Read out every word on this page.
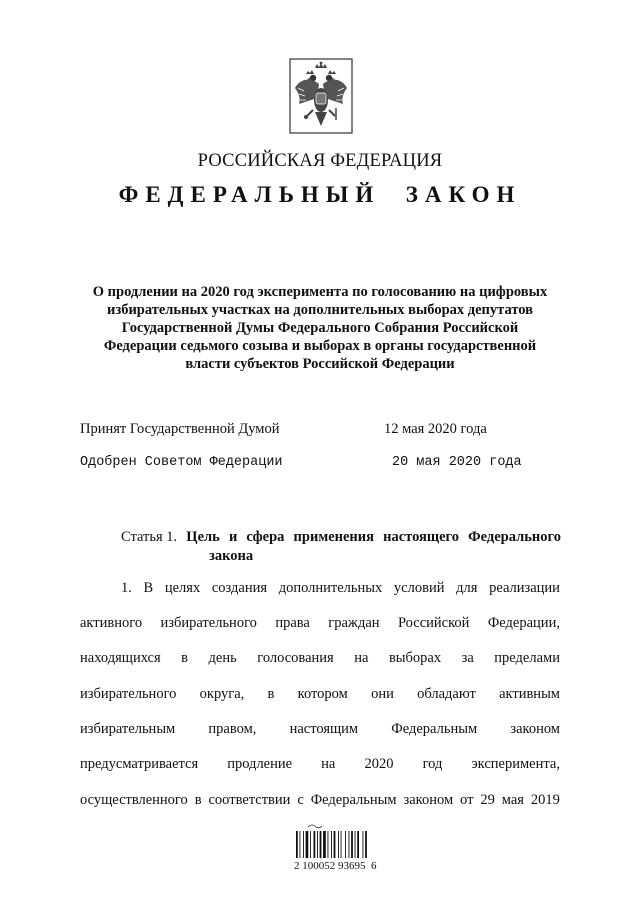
РОССИЙСКАЯ ФЕДЕРАЦИЯ
ФЕДЕРАЛЬНЫЙ  ЗАКОН
О продлении на 2020 год эксперимента по голосованию на цифровых
избирательных участках на дополнительных выборах депутатов
Государственной Думы Федерального Собрания Российской
Федерации седьмого созыва и выборах в органы государственной
власти субъектов Российской Федерации
Принят Государственной Думой	12 мая 2020 года
Одобрен Советом Федерации	20 мая 2020 года
Статья 1. Цель и сфера применения настоящего Федерального
закона
1. В целях создания дополнительных условий для реализации
активного избирательного права граждан Российской Федерации,
находящихся в день голосования на выборах за пределами
избирательного округа, в котором они обладают активным
избирательным правом, настоящим Федеральным законом
предусматривается продление на 2020 год эксперимента,
осуществленного в соответствии с Федеральным законом от 29 мая 2019
2 100052 93695  6
